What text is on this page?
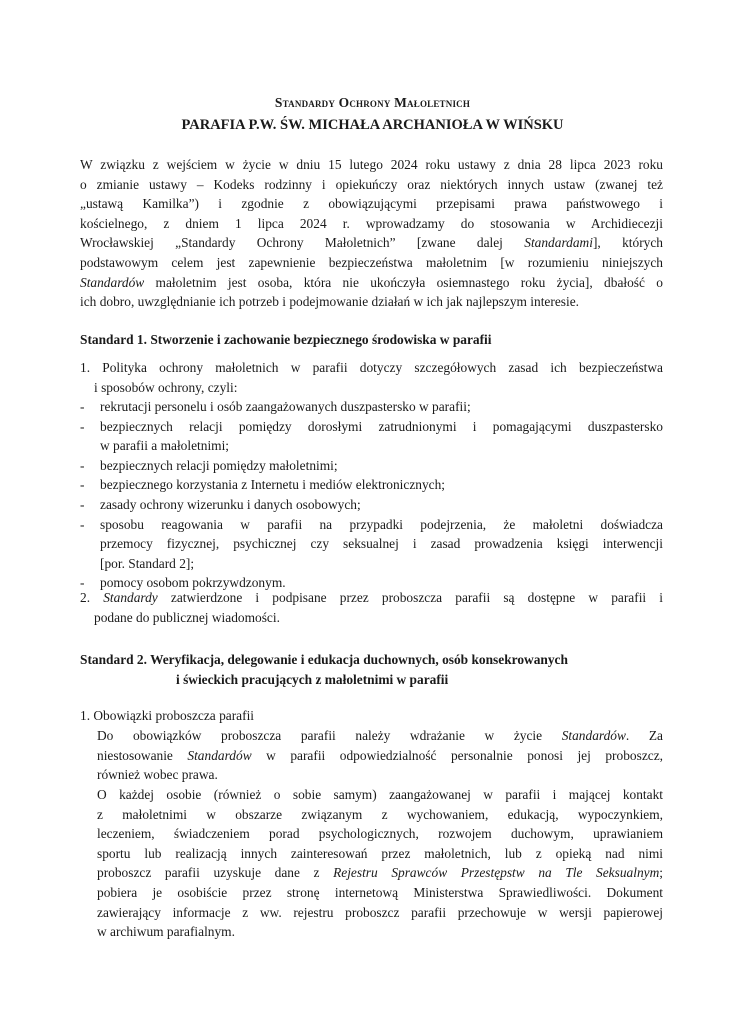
Standardy Ochrony Małoletnich
PARAFIA P.W. ŚW. MICHAŁA ARCHANIOŁA W WIŃSKU
W związku z wejściem w życie w dniu 15 lutego 2024 roku ustawy z dnia 28 lipca 2023 roku
o zmianie ustawy – Kodeks rodzinny i opiekuńczy oraz niektórych innych ustaw (zwanej też
„ustawą Kamilka”) i zgodnie z obowiązującymi przepisami prawa państwowego i
kościelnego, z dniem 1 lipca 2024 r. wprowadzamy do stosowania w Archidiecezji
Wrocławskiej „Standardy Ochrony Małoletnich” [zwane dalej Standardami], których
podstawowym celem jest zapewnienie bezpieczeństwa małoletnim [w rozumieniu niniejszych
Standardów małoletnim jest osoba, która nie ukończyła osiemnastego roku życia], dbałość o
ich dobro, uwzględnianie ich potrzeb i podejmowanie działań w ich jak najlepszym interesie.
Standard 1. Stworzenie i zachowanie bezpiecznego środowiska w parafii
1. Polityka ochrony małoletnich w parafii dotyczy szczegółowych zasad ich bezpieczeństwa
i sposobów ochrony, czyli:
- rekrutacji personelu i osób zaangażowanych duszpastersko w parafii;
- bezpiecznych relacji pomiędzy dorosłymi zatrudnionymi i pomagającymi duszpastersko
w parafii a małoletnimi;
- bezpiecznych relacji pomiędzy małoletnimi;
- bezpiecznego korzystania z Internetu i mediów elektronicznych;
- zasady ochrony wizerunku i danych osobowych;
- sposobu reagowania w parafii na przypadki podejrzenia, że małoletni doświadcza
przemocy fizycznej, psychicznej czy seksualnej i zasad prowadzenia księgi interwencji
[por. Standard 2];
- pomocy osobom pokrzywdzonym.
2. Standardy zatwierdzone i podpisane przez proboszcza parafii są dostępne w parafii i
podane do publicznej wiadomości.
Standard 2. Weryfikacja, delegowanie i edukacja duchownych, osób konsekrowanych
i świeckich pracujących z małoletnimi w parafii
1. Obowiązki proboszcza parafii
Do obowiązków proboszcza parafii należy wdrażanie w życie Standardów. Za
niestosowanie Standardów w parafii odpowiedzialność personalnie ponosi jej proboszcz,
również wobec prawa.
O każdej osobie (również o sobie samym) zaangażowanej w parafii i mającej kontakt
z małoletnimi w obszarze związanym z wychowaniem, edukacją, wypoczynkiem,
leczeniem, świadczeniem porad psychologicznych, rozwojem duchowym, uprawianiem
sportu lub realizacją innych zainteresowań przez małoletnich, lub z opieką nad nimi
proboszcz parafii uzyskuje dane z Rejestru Sprawców Przestępstw na Tle Seksualnym;
pobiera je osobiście przez stronę internetową Ministerstwa Sprawiedliwości. Dokument
zawierający informacje z ww. rejestru proboszcz parafii przechowuje w wersji papierowej
w archiwum parafialnym.
